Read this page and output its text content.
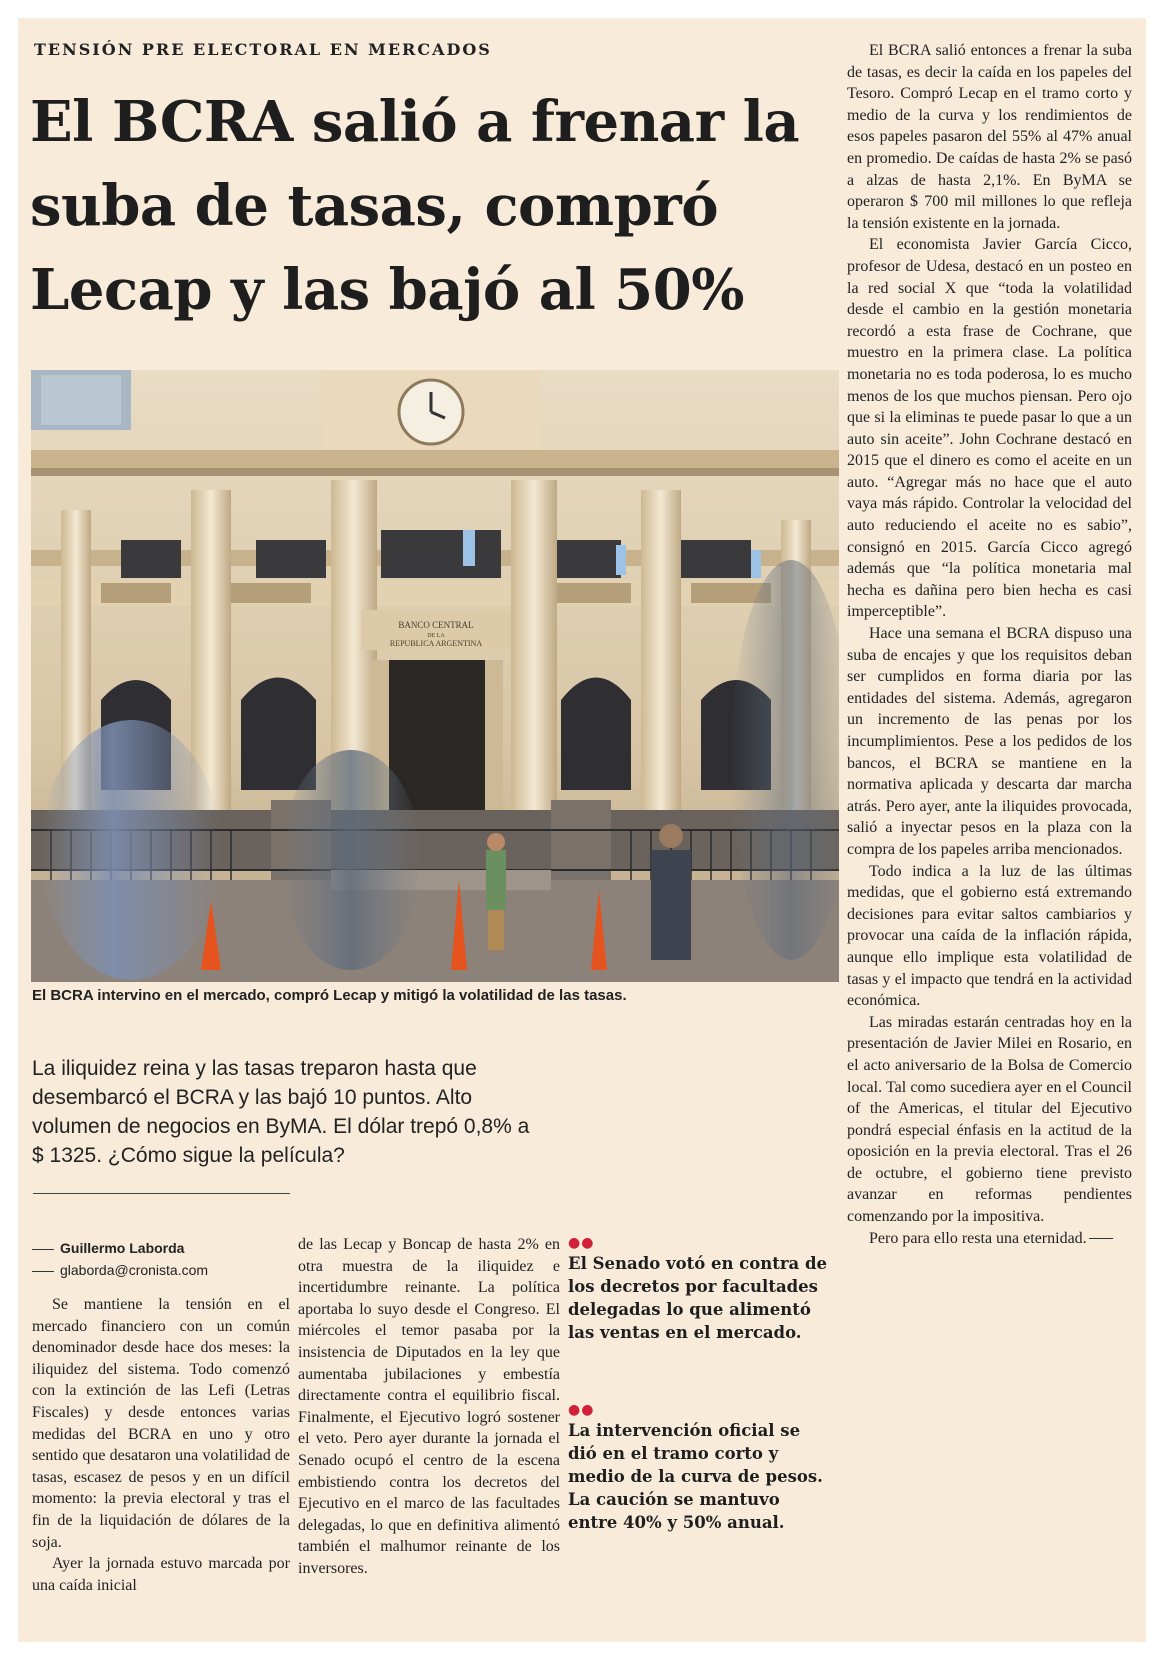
TENSIÓN PRE ELECTORAL EN MERCADOS
El BCRA salió a frenar la suba de tasas, compró Lecap y las bajó al 50%
BANCO CENTRAL
DE LA
REPUBLICA ARGENTINA
El BCRA intervino en el mercado, compró Lecap y mitigó la volatilidad de las tasas.
La iliquidez reina y las tasas treparon hasta que desembarcó el BCRA y las bajó 10 puntos. Alto volumen de negocios en ByMA. El dólar trepó 0,8% a $ 1325. ¿Cómo sigue la película?
Guillermo Laborda
glaborda@cronista.com

Se mantiene la tensión en el mercado financiero con un común denominador desde hace dos meses: la iliquidez del sistema. Todo comenzó con la extinción de las Lefi (Letras Fiscales) y desde entonces varias medidas del BCRA en uno y otro sentido que desataron una volatilidad de tasas, escasez de pesos y en un difícil momento: la previa electoral y tras el fin de la liquidación de dólares de la soja.

Ayer la jornada estuvo marcada por una caída inicial

de las Lecap y Boncap de hasta 2% en otra muestra de la iliquidez e incertidumbre reinante. La política aportaba lo suyo desde el Congreso. El miércoles el temor pasaba por la insistencia de Diputados en la ley que aumentaba jubilaciones y embestía directamente contra el equilibrio fiscal. Finalmente, el Ejecutivo logró sostener el veto. Pero ayer durante la jornada el Senado ocupó el centro de la escena embistiendo contra los decretos del Ejecutivo en el marco de las facultades delegadas, lo que en definitiva alimentó también el malhumor reinante de los inversores.

●●
El Senado votó en contra de los decretos por facultades delegadas lo que alimentó las ventas en el mercado.
●●
La intervención oficial se dió en el tramo corto y medio de la curva de pesos. La caución se mantuvo entre 40% y 50% anual.

El BCRA salió entonces a frenar la suba de tasas, es decir la caída en los papeles del Tesoro. Compró Lecap en el tramo corto y medio de la curva y los rendimientos de esos papeles pasaron del 55% al 47% anual en promedio. De caídas de hasta 2% se pasó a alzas de hasta 2,1%. En ByMA se operaron $ 700 mil millones lo que refleja la tensión existente en la jornada.

El economista Javier García Cicco, profesor de Udesa, destacó en un posteo en la red social X que “toda la volatilidad desde el cambio en la gestión monetaria recordó a esta frase de Cochrane, que muestro en la primera clase. La política monetaria no es toda poderosa, lo es mucho menos de los que muchos piensan. Pero ojo que si la eliminas te puede pasar lo que a un auto sin aceite”. John Cochrane destacó en 2015 que el dinero es como el aceite en un auto. “Agregar más no hace que el auto vaya más rápido. Controlar la velocidad del auto reduciendo el aceite no es sabio”, consignó en 2015. García Cicco agregó además que “la política monetaria mal hecha es dañina pero bien hecha es casi imperceptible”.

Hace una semana el BCRA dispuso una suba de encajes y que los requisitos deban ser cumplidos en forma diaria por las entidades del sistema. Además, agregaron un incremento de las penas por los incumplimientos. Pese a los pedidos de los bancos, el BCRA se mantiene en la normativa aplicada y descarta dar marcha atrás. Pero ayer, ante la iliquides provocada, salió a inyectar pesos en la plaza con la compra de los papeles arriba mencionados.

Todo indica a la luz de las últimas medidas, que el gobierno está extremando decisiones para evitar saltos cambiarios y provocar una caída de la inflación rápida, aunque ello implique esta volatilidad de tasas y el impacto que tendrá en la actividad económica.

Las miradas estarán centradas hoy en la presentación de Javier Milei en Rosario, en el acto aniversario de la Bolsa de Comercio local. Tal como sucediera ayer en el Council of the Americas, el titular del Ejecutivo pondrá especial énfasis en la actitud de la oposición en la previa electoral. Tras el 26 de octubre, el gobierno tiene previsto avanzar en reformas pendientes comenzando por la impositiva.

Pero para ello resta una eternidad.
